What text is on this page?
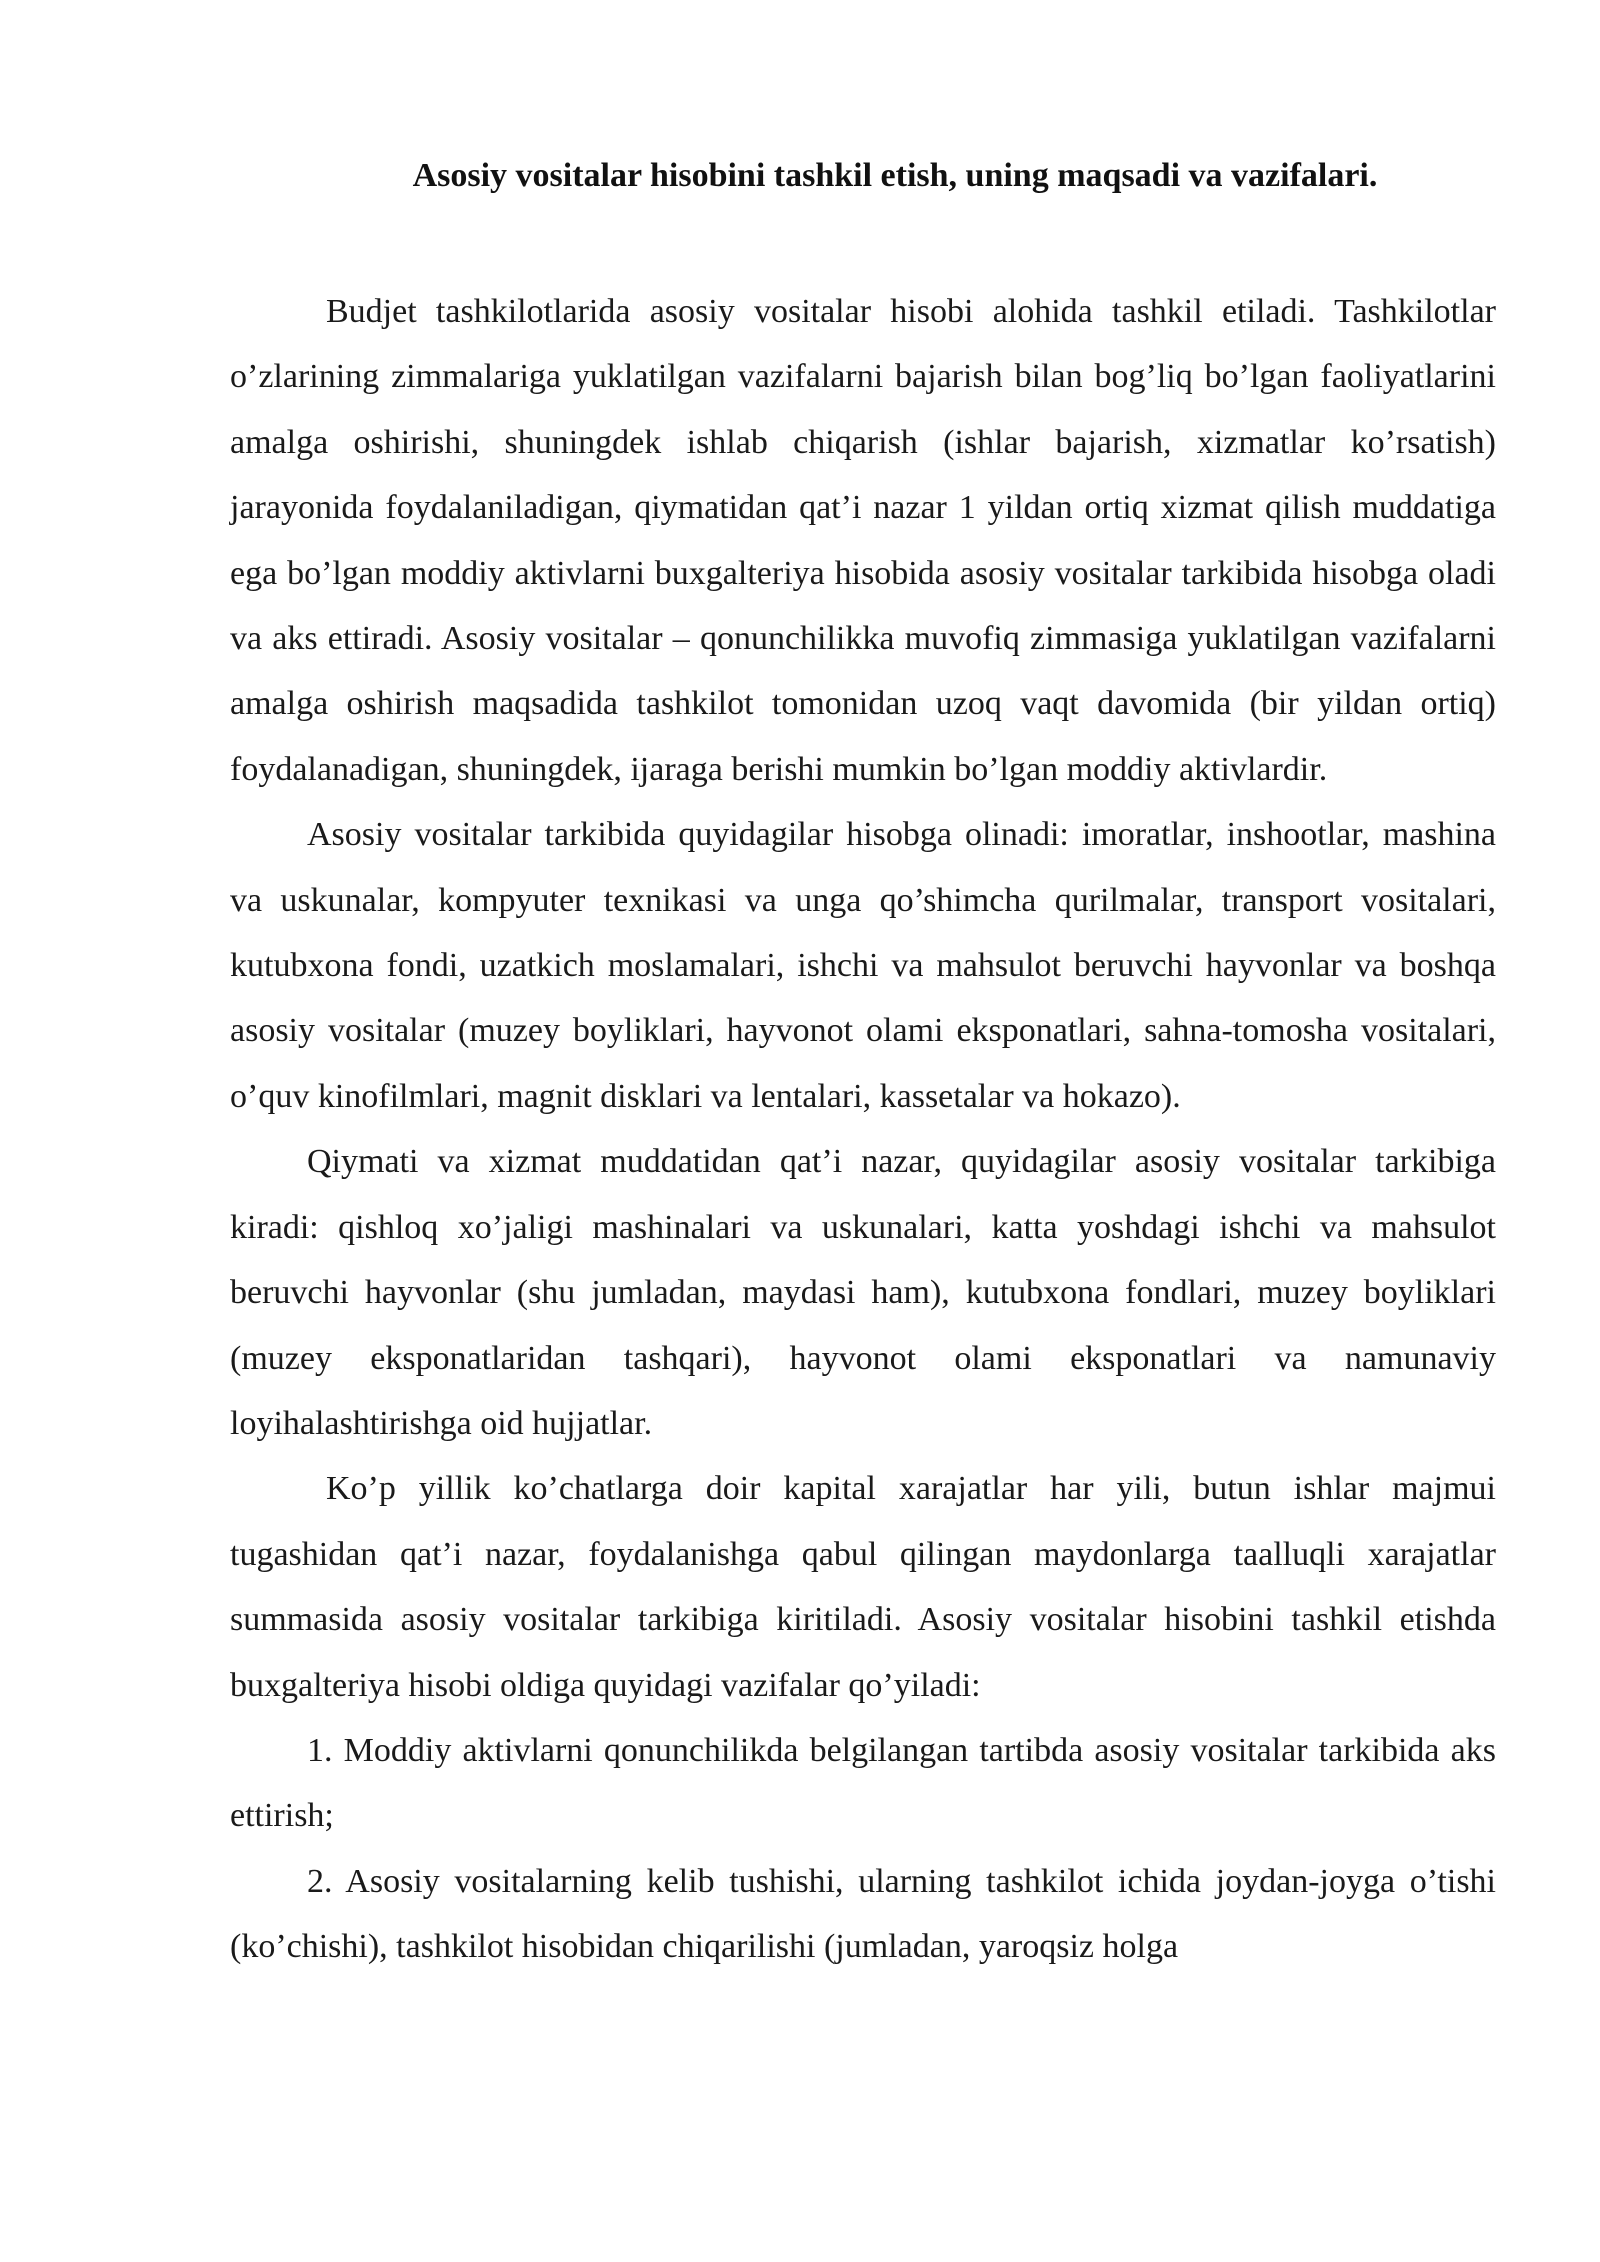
Asosiy vositalar hisobini tashkil etish, uning maqsadi va vazifalari.

Budjet tashkilotlarida asosiy vositalar hisobi alohida tashkil etiladi. Tashkilotlar o’zlarining zimmalariga yuklatilgan vazifalarni bajarish bilan bog’liq bo’lgan faoliyatlarini amalga oshirishi, shuningdek ishlab chiqarish (ishlar bajarish, xizmatlar ko’rsatish) jarayonida foydalaniladigan, qiymatidan qat’i nazar 1 yildan ortiq xizmat qilish muddatiga ega bo’lgan moddiy aktivlarni buxgalteriya hisobida asosiy vositalar tarkibida hisobga oladi va aks ettiradi. Asosiy vositalar – qonunchilikka muvofiq zimmasiga yuklatilgan vazifalarni amalga oshirish maqsadida tashkilot tomonidan uzoq vaqt davomida (bir yildan ortiq) foydalanadigan, shuningdek, ijaraga berishi mumkin bo’lgan moddiy aktivlardir.

Asosiy vositalar tarkibida quyidagilar hisobga olinadi: imoratlar, inshootlar, mashina va uskunalar, kompyuter texnikasi va unga qo’shimcha qurilmalar, transport vositalari, kutubxona fondi, uzatkich moslamalari, ishchi va mahsulot beruvchi hayvonlar va boshqa asosiy vositalar (muzey boyliklari, hayvonot olami eksponatlari, sahna-tomosha vositalari, o’quv kinofilmlari, magnit disklari va lentalari, kassetalar va hokazo).

Qiymati va xizmat muddatidan qat’i nazar, quyidagilar asosiy vositalar tarkibiga kiradi: qishloq xo’jaligi mashinalari va uskunalari, katta yoshdagi ishchi va mahsulot beruvchi hayvonlar (shu jumladan, maydasi ham), kutubxona fondlari, muzey boyliklari (muzey eksponatlaridan tashqari), hayvonot olami eksponatlari va namunaviy loyihalashtirishga oid hujjatlar.

Ko’p yillik ko’chatlarga doir kapital xarajatlar har yili, butun ishlar majmui tugashidan qat’i nazar, foydalanishga qabul qilingan maydonlarga taalluqli xarajatlar summasida asosiy vositalar tarkibiga kiritiladi. Asosiy vositalar hisobini tashkil etishda buxgalteriya hisobi oldiga quyidagi vazifalar qo’yiladi:

1. Moddiy aktivlarni qonunchilikda belgilangan tartibda asosiy vositalar tarkibida aks ettirish;

2. Asosiy vositalarning kelib tushishi, ularning tashkilot ichida joydan-joyga o’tishi (ko’chishi), tashkilot hisobidan chiqarilishi (jumladan, yaroqsiz holga
